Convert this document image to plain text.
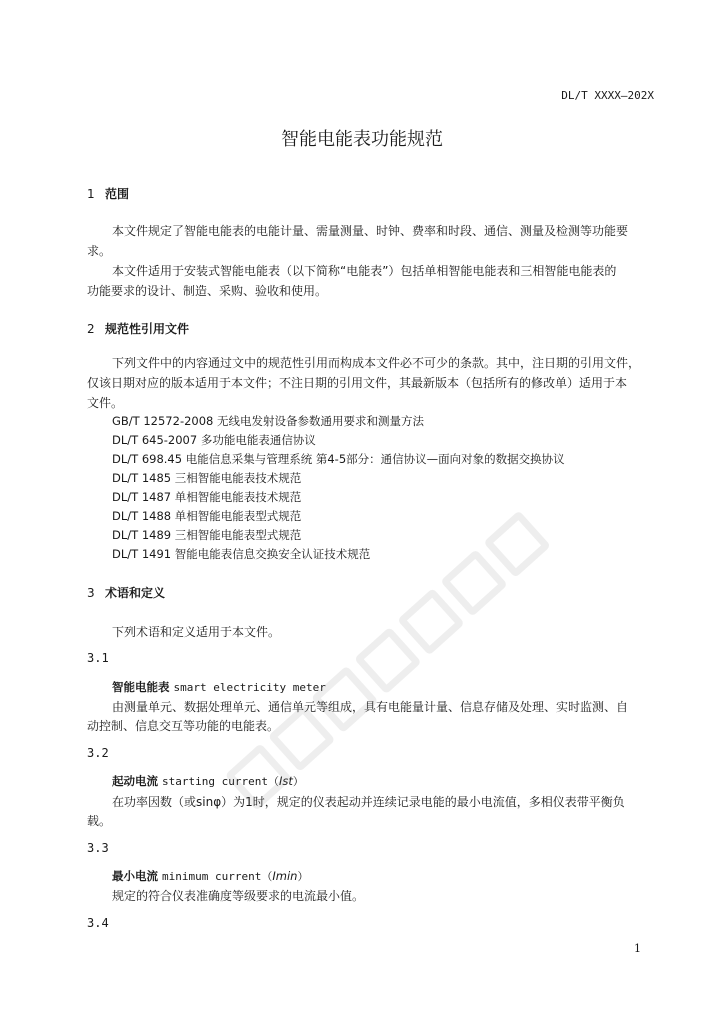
DL/T XXXX—202X
智能电能表功能规范
1 范围
本文件规定了智能电能表的电能计量、需量测量、时钟、费率和时段、通信、测量及检测等功能要
求。
本文件适用于安装式智能电能表（以下简称“电能表”）包括单相智能电能表和三相智能电能表的
功能要求的设计、制造、采购、验收和使用。
2 规范性引用文件
下列文件中的内容通过文中的规范性引用而构成本文件必不可少的条款。其中，注日期的引用文件，
仅该日期对应的版本适用于本文件；不注日期的引用文件，其最新版本（包括所有的修改单）适用于本
文件。
GB/T 12572-2008 无线电发射设备参数通用要求和测量方法
DL/T 645-2007 多功能电能表通信协议
DL/T 698.45 电能信息采集与管理系统 第4-5部分：通信协议—面向对象的数据交换协议
DL/T 1485 三相智能电能表技术规范
DL/T 1487 单相智能电能表技术规范
DL/T 1488 单相智能电能表型式规范
DL/T 1489 三相智能电能表型式规范
DL/T 1491 智能电能表信息交换安全认证技术规范
3 术语和定义
下列术语和定义适用于本文件。
3.1
智能电能表 smart electricity meter
由测量单元、数据处理单元、通信单元等组成，具有电能量计量、信息存储及处理、实时监测、自
动控制、信息交互等功能的电能表。
3.2
起动电流 starting current（Ist）
在功率因数（或sinφ）为1时，规定的仪表起动并连续记录电能的最小电流值，多相仪表带平衡负
载。
3.3
最小电流 minimum current（Imin）
规定的符合仪表准确度等级要求的电流最小值。
3.4
1
